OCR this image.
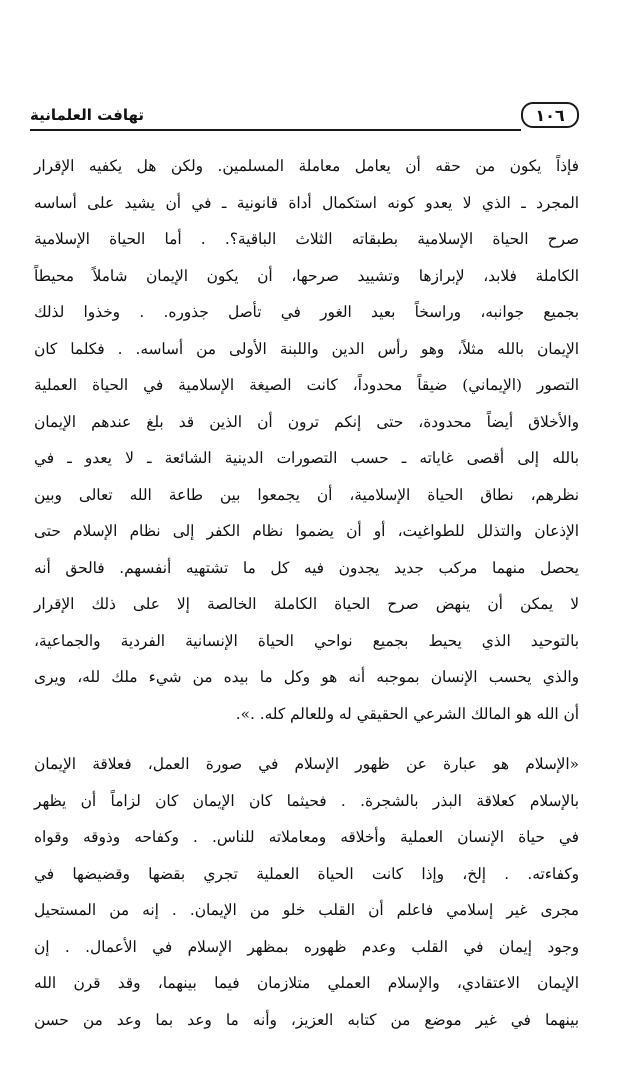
١٠٦
تهافت العلمانية

فإذاً يكون من حقه أن يعامل معاملة المسلمين. ولكن هل يكفيه الإقرار
المجرد ـ الذي لا يعدو كونه استكمال أداة قانونية ـ في أن يشيد على أساسه
صرح الحياة الإسلامية بطبقاته الثلاث الباقية؟. . أما الحياة الإسلامية
الكاملة فلابد، لإبرازها وتشييد صرحها، أن يكون الإيمان شاملاً محيطاً
بجميع جوانبه، وراسخاً بعيد الغور في تأصل جذوره. . وخذوا لذلك
الإيمان بالله مثلاً، وهو رأس الدين واللبنة الأولى من أساسه. . فكلما كان
التصور (الإيماني) ضيقاً محدوداً، كانت الصيغة الإسلامية في الحياة العملية
والأخلاق أيضاً محدودة، حتى إنكم ترون أن الذين قد بلغ عندهم الإيمان
بالله إلى أقصى غاياته ـ حسب التصورات الدينية الشائعة ـ لا يعدو ـ في
نظرهم، نطاق الحياة الإسلامية، أن يجمعوا بين طاعة الله تعالى وبين
الإذعان والتذلل للطواغيت، أو أن يضموا نظام الكفر إلى نظام الإسلام حتى
يحصل منهما مركب جديد يجدون فيه كل ما تشتهيه أنفسهم. فالحق أنه
لا يمكن أن ينهض صرح الحياة الكاملة الخالصة إلا على ذلك الإقرار
بالتوحيد الذي يحيط بجميع نواحي الحياة الإنسانية الفردية والجماعية،
والذي يحسب الإنسان بموجبه أنه هو وكل ما بيده من شيء ملك لله، ويرى
أن الله هو المالك الشرعي الحقيقي له وللعالم كله. .».

«الإسلام هو عبارة عن ظهور الإسلام في صورة العمل، فعلاقة الإيمان
بالإسلام كعلاقة البذر بالشجرة. . فحيثما كان الإيمان كان لزاماً أن يظهر
في حياة الإنسان العملية وأخلاقه ومعاملاته للناس. . وكفاحه وذوقه وقواه
وكفاءته. . إلخ، وإذا كانت الحياة العملية تجري بقضها وقضيضها في
مجرى غير إسلامي فاعلم أن القلب خلو من الإيمان. . إنه من المستحيل
وجود إيمان في القلب وعدم ظهوره بمظهر الإسلام في الأعمال. . إن
الإيمان الاعتقادي، والإسلام العملي متلازمان فيما بينهما، وقد قرن الله
بينهما في غير موضع من كتابه العزيز، وأنه ما وعد بما وعد من حسن
